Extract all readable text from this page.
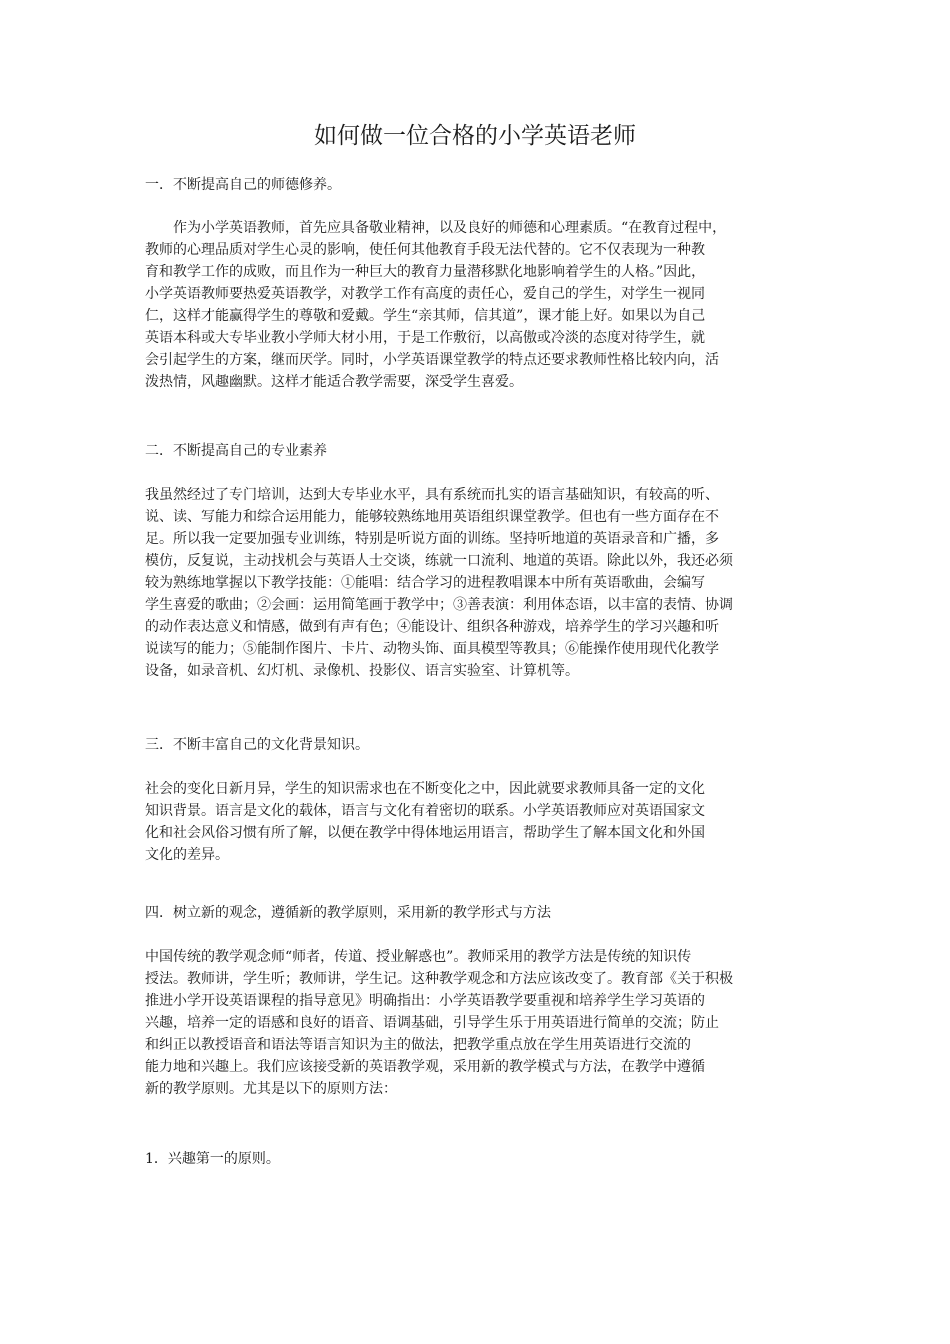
如何做一位合格的小学英语老师

一．不断提高自己的师德修养。

作为小学英语教师，首先应具备敬业精神，以及良好的师德和心理素质。“在教育过程中，
教师的心理品质对学生心灵的影响，使任何其他教育手段无法代替的。它不仅表现为一种教
育和教学工作的成败，而且作为一种巨大的教育力量潜移默化地影响着学生的人格。”因此，
小学英语教师要热爱英语教学，对教学工作有高度的责任心，爱自己的学生，对学生一视同
仁，这样才能赢得学生的尊敬和爱戴。学生“亲其师，信其道”，课才能上好。如果以为自己
英语本科或大专毕业教小学师大材小用，于是工作敷衍，以高傲或冷淡的态度对待学生，就
会引起学生的方案，继而厌学。同时，小学英语课堂教学的特点还要求教师性格比较内向，活
泼热情，风趣幽默。这样才能适合教学需要，深受学生喜爱。

二．不断提高自己的专业素养

我虽然经过了专门培训，达到大专毕业水平，具有系统而扎实的语言基础知识，有较高的听、
说、读、写能力和综合运用能力，能够较熟练地用英语组织课堂教学。但也有一些方面存在不
足。所以我一定要加强专业训练，特别是听说方面的训练。坚持听地道的英语录音和广播，多
模仿，反复说，主动找机会与英语人士交谈，练就一口流利、地道的英语。除此以外，我还必须
较为熟练地掌握以下教学技能：①能唱：结合学习的进程教唱课本中所有英语歌曲，会编写
学生喜爱的歌曲；②会画：运用简笔画于教学中；③善表演：利用体态语，以丰富的表情、协调
的动作表达意义和情感，做到有声有色；④能设计、组织各种游戏，培养学生的学习兴趣和听
说读写的能力；⑤能制作图片、卡片、动物头饰、面具模型等教具；⑥能操作使用现代化教学
设备，如录音机、幻灯机、录像机、投影仪、语言实验室、计算机等。

三．不断丰富自己的文化背景知识。

社会的变化日新月异，学生的知识需求也在不断变化之中，因此就要求教师具备一定的文化
知识背景。语言是文化的载体，语言与文化有着密切的联系。小学英语教师应对英语国家文
化和社会风俗习惯有所了解，以便在教学中得体地运用语言，帮助学生了解本国文化和外国
文化的差异。

四．树立新的观念，遵循新的教学原则，采用新的教学形式与方法

中国传统的教学观念师“师者，传道、授业解惑也”。教师采用的教学方法是传统的知识传
授法。教师讲，学生听；教师讲，学生记。这种教学观念和方法应该改变了。教育部《关于积极
推进小学开设英语课程的指导意见》明确指出：小学英语教学要重视和培养学生学习英语的
兴趣，培养一定的语感和良好的语音、语调基础，引导学生乐于用英语进行简单的交流；防止
和纠正以教授语音和语法等语言知识为主的做法，把教学重点放在学生用英语进行交流的
能力地和兴趣上。我们应该接受新的英语教学观，采用新的教学模式与方法，在教学中遵循
新的教学原则。尤其是以下的原则方法：

1．兴趣第一的原则。
